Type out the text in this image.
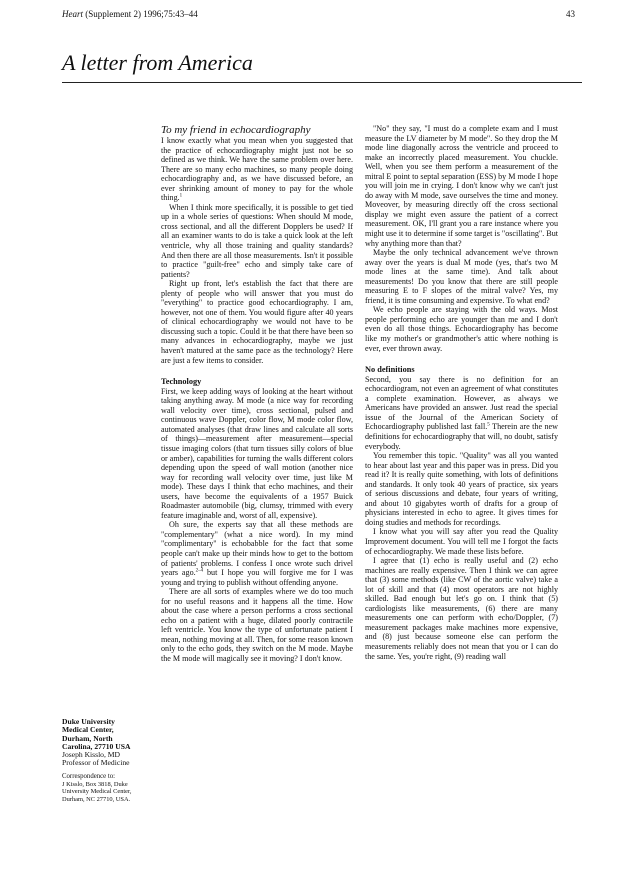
Heart (Supplement 2) 1996;75:43–44	43
A letter from America
To my friend in echocardiography

I know exactly what you mean when you suggested that the practice of echocardiography might just not be so defined as we think. We have the same problem over here. There are so many echo machines, so many people doing echocardiography and, as we have discussed before, an ever shrinking amount of money to pay for the whole thing.$^1$

When I think more specifically, it is possible to get tied up in a whole series of questions: When should M mode, cross sectional, and all the different Dopplers be used? If all an examiner wants to do is take a quick look at the left ventricle, why all those training and quality standards? And then there are all those measurements. Isn't it possible to practice "guilt-free" echo and simply take care of patients?

Right up front, let's establish the fact that there are plenty of people who will answer that you must do "everything" to practice good echocardiography. I am, however, not one of them. You would figure after 40 years of clinical echocardiography we would not have to be discussing such a topic. Could it be that there have been so many advances in echocardiography, maybe we just haven't matured at the same pace as the technology? Here are just a few items to consider.

Technology

First, we keep adding ways of looking at the heart without taking anything away. M mode (a nice way for recording wall velocity over time), cross sectional, pulsed and continuous wave Doppler, color flow, M mode color flow, automated analyses (that draw lines and calculate all sorts of things)—measurement after measurement—special tissue imaging colors (that turn tissues silly colors of blue or amber), capabilities for turning the walls different colors depending upon the speed of wall motion (another nice way for recording wall velocity over time, just like M mode). These days I think that echo machines, and their users, have become the equivalents of a 1957 Buick Roadmaster automobile (big, clumsy, trimmed with every feature imaginable and, worst of all, expensive).

Oh sure, the experts say that all these methods are "complementary" (what a nice word). In my mind "complimentary" is echobabble for the fact that some people can't make up their minds how to get to the bottom of patients' problems. I confess I once wrote such drivel years ago.$^{2-4}$ but I hope you will forgive me for I was young and trying to publish without offending anyone.

There are all sorts of examples where we do too much for no useful reasons and it happens all the time. How about the case where a person performs a cross sectional echo on a patient with a huge, dilated poorly contractile left ventricle. You know the type of unfortunate patient I mean, nothing moving at all. Then, for some reason known only to the echo gods, they switch on the M mode. Maybe the M mode will magically see it moving? I don't know.

"No" they say, "I must do a complete exam and I must measure the LV diameter by M mode". So they drop the M mode line diagonally across the ventricle and proceed to make an incorrectly placed measurement. You chuckle. Well, when you see them perform a measurement of the mitral E point to septal separation (ESS) by M mode I hope you will join me in crying. I don't know why we can't just do away with M mode, save ourselves the time and money. Moveover, by measuring directly off the cross sectional display we might even assure the patient of a correct measurement. OK, I'll grant you a rare instance where you might use it to determine if some target is "oscillating". But why anything more than that?

Maybe the only technical advancement we've thrown away over the years is dual M mode (yes, that's two M mode lines at the same time). And talk about measurements! Do you know that there are still people measuring E to F slopes of the mitral valve? Yes, my friend, it is time consuming and expensive. To what end?

We echo people are staying with the old ways. Most people performing echo are younger than me and I don't even do all those things. Echocardiography has become like my mother's or grandmother's attic where nothing is ever, ever thrown away.

No definitions

Second, you say there is no definition for an echocardiogram, not even an agreement of what constitutes a complete examination. However, as always we Americans have provided an answer. Just read the special issue of the Journal of the American Society of Echocardiography published last fall.$^5$ Therein are the new definitions for echocardiography that will, no doubt, satisfy everybody.

You remember this topic. "Quality" was all you wanted to hear about last year and this paper was in press. Did you read it? It is really quite something, with lots of definitions and standards. It only took 40 years of practice, six years of serious discussions and debate, four years of writing, and about 10 gigabytes worth of drafts for a group of physicians interested in echo to agree. It gives times for doing studies and methods for recordings.

I know what you will say after you read the Quality Improvement document. You will tell me I forgot the facts of echocardiography. We made these lists before.

I agree that (1) echo is really useful and (2) echo machines are really expensive. Then I think we can agree that (3) some methods (like CW of the aortic valve) take a lot of skill and that (4) most operators are not highly skilled. Bad enough but let's go on. I think that (5) cardiologists like measurements, (6) there are many measurements one can perform with echo/Doppler, (7) measurement packages make machines more expensive, and (8) just because someone else can perform the measurements reliably does not mean that you or I can do the same. Yes, you're right, (9) reading wall

Duke University
Medical Center,
Durham, North
Carolina, 27710 USA
Joseph Kisslo, MD
Professor of Medicine
Correspondence to:
J Kisslo, Box 3818, Duke
University Medical Center,
Durham, NC 27710, USA.
